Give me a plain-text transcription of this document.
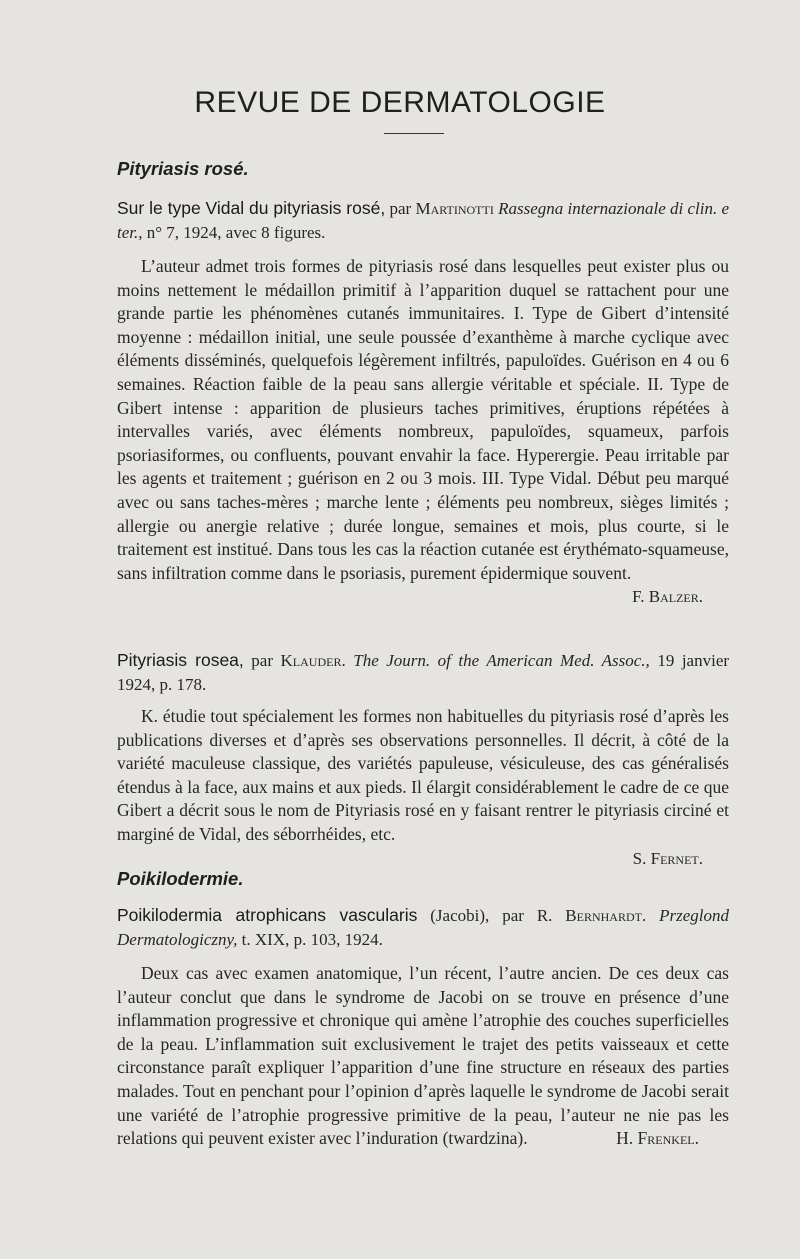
REVUE DE DERMATOLOGIE
Pityriasis rosé.

Sur le type Vidal du pityriasis rosé, par Martinotti Rassegna internazionale di clin. e ter., n° 7, 1924, avec 8 figures.

L’auteur admet trois formes de pityriasis rosé dans lesquelles peut exister plus ou moins nettement le médaillon primitif à l’apparition duquel se rattachent pour une grande partie les phénomènes cutanés immunitaires. I. Type de Gibert d’intensité moyenne : médaillon initial, une seule poussée d’exanthème à marche cyclique avec éléments disséminés, quelquefois légèrement infiltrés, papuloïdes. Guérison en 4 ou 6 semaines. Réaction faible de la peau sans allergie véritable et spéciale. II. Type de Gibert intense : apparition de plusieurs taches primitives, éruptions répétées à intervalles variés, avec éléments nombreux, papuloïdes, squameux, parfois psoriasiformes, ou confluents, pouvant envahir la face. Hyperergie. Peau irritable par les agents et traitement ; guérison en 2 ou 3 mois. III. Type Vidal. Début peu marqué avec ou sans taches-mères ; marche lente ; éléments peu nombreux, sièges limités ; allergie ou anergie relative ; durée longue, semaines et mois, plus courte, si le traitement est institué. Dans tous les cas la réaction cutanée est érythémato-squameuse, sans infiltration comme dans le psoriasis, purement épidermique souvent.

F. Balzer.

Pityriasis rosea, par Klauder. The Journ. of the American Med. Assoc., 19 janvier 1924, p. 178.

K. étudie tout spécialement les formes non habituelles du pityriasis rosé d’après les publications diverses et d’après ses observations personnelles. Il décrit, à côté de la variété maculeuse classique, des variétés papuleuse, vésiculeuse, des cas généralisés étendus à la face, aux mains et aux pieds. Il élargit considérablement le cadre de ce que Gibert a décrit sous le nom de Pityriasis rosé en y faisant rentrer le pityriasis circiné et marginé de Vidal, des séborrhéides, etc.

S. Fernet.

Poikilodermie.

Poikilodermia atrophicans vascularis (Jacobi), par R. Bernhardt. Przeglond Dermatologiczny, t. XIX, p. 103, 1924.

Deux cas avec examen anatomique, l’un récent, l’autre ancien. De ces deux cas l’auteur conclut que dans le syndrome de Jacobi on se trouve en présence d’une inflammation progressive et chronique qui amène l’atrophie des couches superficielles de la peau. L’inflammation suit exclusivement le trajet des petits vaisseaux et cette circonstance paraît expliquer l’apparition d’une fine structure en réseaux des parties malades. Tout en penchant pour l’opinion d’après laquelle le syndrome de Jacobi serait une variété de l’atrophie progressive primitive de la peau, l’auteur ne nie pas les relations qui peuvent exister avec l’induration (twardzina).	H. Frenkel.
